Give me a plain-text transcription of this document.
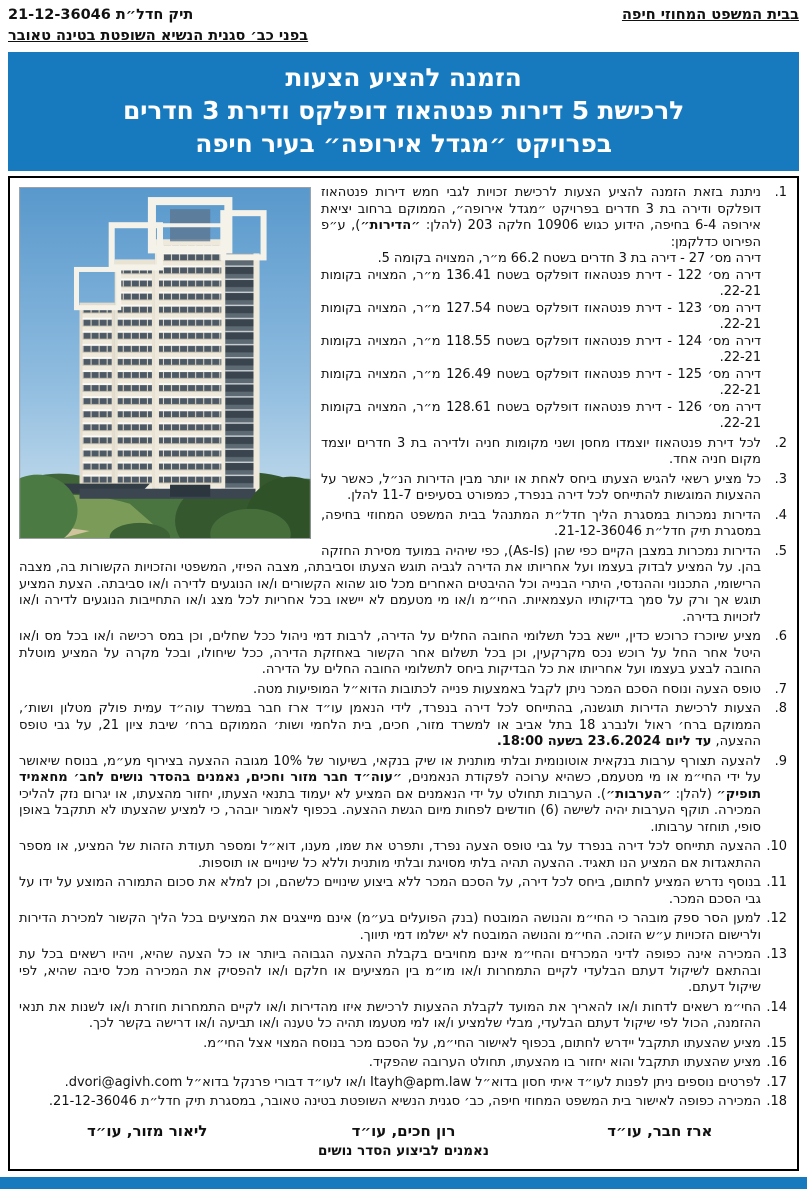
בבית המשפט המחוזי חיפה
תיק חדל״ת 21-12-36046
בפני כב׳ סגנית הנשיא השופטת בטינה טאובר
הזמנה להציע הצעות
לרכישת 5 דירות פנטהאוז דופלקס ודירת 3 חדרים
בפרויקט ״מגדל אירופה״ בעיר חיפה
1.
ניתנת בזאת הזמנה להציע הצעות לרכישת זכויות לגבי חמש דירות פנטהאוז דופלקס ודירה בת 3 חדרים בפרויקט ״מגדל אירופה״, הממוקם ברחוב יציאת אירופה 6-4 בחיפה, הידוע כגוש 10906 חלקה 203 (להלן: ״הדירות״), ע״פ הפירוט כדלקמן:
דירה מס׳ 27 - דירה בת 3 חדרים בשטח 66.2 מ״ר, המצויה בקומה 5.
דירה מס׳ 122 - דירת פנטהאוז דופלקס בשטח 136.41 מ״ר, המצויה בקומות 22-21.
דירה מס׳ 123 - דירת פנטהאוז דופלקס בשטח 127.54 מ״ר, המצויה בקומות 22-21.
דירה מס׳ 124 - דירת פנטהאוז דופלקס בשטח 118.55 מ״ר, המצויה בקומות 22-21.
דירה מס׳ 125 - דירת פנטהאוז דופלקס בשטח 126.49 מ״ר, המצויה בקומות 22-21.
דירה מס׳ 126 - דירת פנטהאוז דופלקס בשטח 128.61 מ״ר, המצויה בקומות 22-21.
2.
לכל דירת פנטהאוז יוצמדו מחסן ושני מקומות חניה ולדירה בת 3 חדרים יוצמד מקום חניה אחד.
3.
כל מציע רשאי להגיש הצעתו ביחס לאחת או יותר מבין הדירות הנ״ל, כאשר על ההצעות המוגשות להתייחס לכל דירה בנפרד, כמפורט בסעיפים 11-7 להלן.
4.
הדירות נמכרות במסגרת הליך חדל״ת המתנהל בבית המשפט המחוזי בחיפה, במסגרת תיק חדל״ת 21-12-36046.
5.
הדירות נמכרות במצבן הקיים כפי שהן (As-Is), כפי שיהיה במועד מסירת החזקה בהן. על המציע לבדוק בעצמו ועל אחריותו את הדירה לגביה תוגש הצעתו וסביבתה, מצבה הפיזי, המשפטי והזכויות הקשורות בה, מצבה הרישומי, התכנוני וההנדסי, היתרי הבנייה וכל ההיבטים האחרים מכל סוג שהוא הקשורים ו/או הנוגעים לדירה ו/או סביבתה. הצעת המציע תוגש אך ורק על סמך בדיקותיו העצמאיות. החי״מ ו/או מי מטעמם לא יישאו בכל אחריות לכל מצג ו/או התחייבות הנוגעים לדירה ו/או לזכויות בדירה.
6.
מציע שיוכרז כרוכש כדין, יישא בכל תשלומי החובה החלים על הדירה, לרבות דמי ניהול ככל שחלים, וכן במס רכישה ו/או בכל מס ו/או היטל אחר החל על רוכש נכס מקרקעין, וכן בכל תשלום אחר הקשור באחזקת הדירה, ככל שיחולו, ובכל מקרה על המציע מוטלת החובה לבצע בעצמו ועל אחריותו את כל הבדיקות ביחס לתשלומי החובה החלים על הדירה.
7.
טופס הצעה ונוסח הסכם המכר ניתן לקבל באמצעות פנייה לכתובות הדוא״ל המופיעות מטה.
8.
הצעות לרכישת הדירות תוגשנה, בהתייחס לכל דירה בנפרד, לידי הנאמן עו״ד ארז חבר במשרד עוה״ד עמית פולק מטלון ושות׳, הממוקם ברח׳ ראול ולנברג 18 בתל אביב או למשרד מזור, חכים, בית הלחמי ושות׳ הממוקם ברח׳ שיבת ציון 21, על גבי טופס ההצעה, עד ליום 23.6.2024 בשעה 18:00.
9.
להצעה תצורף ערבות בנקאית אוטונומית ובלתי מותנית או שיק בנקאי, בשיעור של 10% מגובה ההצעה בצירוף מע״מ, בנוסח שיאושר על ידי החי״מ או מי מטעמם, כשהיא ערוכה לפקודת הנאמנים, ״עוה״ד חבר מזור וחכים, נאמנים בהסדר נושים לחב׳ מחאמיד תופיק״ (להלן: ״הערבות״). הערבות תחולט על ידי הנאמנים אם המציע לא יעמוד בתנאי הצעתו, יחזור מהצעתו, או יגרום נזק להליכי המכירה. תוקף הערבות יהיה לשישה (6) חודשים לפחות מיום הגשת ההצעה. בכפוף לאמור יובהר, כי למציע שהצעתו לא תתקבל באופן סופי, תוחזר ערבותו.
10.
ההצעה תתייחס לכל דירה בנפרד על גבי טופס הצעה נפרד, ותפרט את שמו, מענו, דוא״ל ומספר תעודת הזהות של המציע, או מספר ההתאגדות אם המציע הנו תאגיד. ההצעה תהיה בלתי מסויגת ובלתי מותנית וללא כל שינויים או תוספות.
11.
בנוסף נדרש המציע לחתום, ביחס לכל דירה, על הסכם המכר ללא ביצוע שינויים כלשהם, וכן למלא את סכום התמורה המוצע על ידו על גבי הסכם המכר.
12.
למען הסר ספק מובהר כי החי״מ והנושה המובטח (בנק הפועלים בע״מ) אינם מייצגים את המציעים בכל הליך הקשור למכירת הדירות ולרישום הזכויות ע״ש הזוכה. החי״מ והנושה המובטח לא ישלמו דמי תיווך.
13.
המכירה אינה כפופה לדיני המכרזים והחי״מ אינם מחויבים בקבלת ההצעה הגבוהה ביותר או כל הצעה שהיא, ויהיו רשאים בכל עת ובהתאם לשיקול דעתם הבלעדי לקיים התמחרות ו/או מו״מ בין המציעים או חלקם ו/או להפסיק את המכירה מכל סיבה שהיא, לפי שיקול דעתם.
14.
החי״מ רשאים לדחות ו/או להאריך את המועד לקבלת ההצעות לרכישת איזו מהדירות ו/או לקיים התמחרות חוזרת ו/או לשנות את תנאי ההזמנה, הכול לפי שיקול דעתם הבלעדי, מבלי שלמציע ו/או למי מטעמו תהיה כל טענה ו/או תביעה ו/או דרישה בקשר לכך.
15.
מציע שהצעתו תתקבל יידרש לחתום, בכפוף לאישור החי״מ, על הסכם מכר בנוסח המצוי אצל החי״מ.
16.
מציע שהצעתו תתקבל והוא יחזור בו מהצעתו, תחולט הערובה שהפקיד.
17.
לפרטים נוספים ניתן לפנות לעו״ד איתי חסון בדוא״ל Itayh@apm.law ו/או לעו״ד דבורי פרנקל בדוא״ל dvori@agivh.com.
18.
המכירה כפופה לאישור בית המשפט המחוזי חיפה, כב׳ סגנית הנשיא השופטת בטינה טאובר, במסגרת תיק חדל״ת 21-12-36046.
ארז חבר, עו״ד
רון חכים, עו״ד
ליאור מזור, עו״ד
נאמנים לביצוע הסדר נושים
